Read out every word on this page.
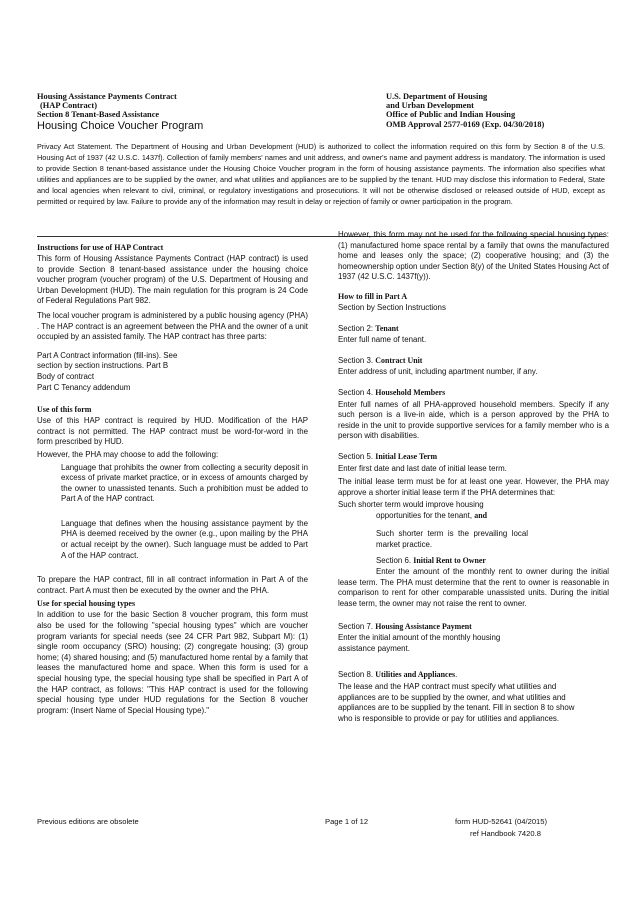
Housing Assistance Payments Contract
(HAP Contract)
Section 8 Tenant-Based Assistance
Housing Choice Voucher Program
U.S. Department of Housing
and Urban Development
Office of Public and Indian Housing
OMB Approval 2577-0169 (Exp. 04/30/2018)
Privacy Act Statement. The Department of Housing and Urban Development (HUD) is authorized to collect the information required on this form by Section 8 of the U.S. Housing Act of 1937 (42 U.S.C. 1437f). Collection of family members' names and unit address, and owner's name and payment address is mandatory. The information is used to provide Section 8 tenant-based assistance under the Housing Choice Voucher program in the form of housing assistance payments. The information also specifies what utilities and appliances are to be supplied by the owner, and what utilities and appliances are to be supplied by the tenant. HUD may disclose this information to Federal, State and local agencies when relevant to civil, criminal, or regulatory investigations and prosecutions. It will not be otherwise disclosed or released outside of HUD, except as permitted or required by law. Failure to provide any of the information may result in delay or rejection of family or owner participation in the program.
Instructions for use of HAP Contract

This form of Housing Assistance Payments Contract (HAP contract) is used to provide Section 8 tenant-based assistance under the housing choice voucher program (voucher program) of the U.S. Department of Housing and Urban Development (HUD). The main regulation for this program is 24 Code of Federal Regulations Part 982.

The local voucher program is administered by a public housing agency (PHA) . The HAP contract is an agreement between the PHA and the owner of a unit occupied by an assisted family. The HAP contract has three parts:

Part A Contract information (fill-ins). See
section by section instructions. Part B
Body of contract
Part C Tenancy addendum
Use of this form

Use of this HAP contract is required by HUD. Modification of the HAP contract is not permitted. The HAP contract must be word-for-word in the form prescribed by HUD.

However, the PHA may choose to add the following:

Language that prohibits the owner from collecting a security deposit in excess of private market practice, or in excess of amounts charged by the owner to unassisted tenants. Such a prohibition must be added to Part A of the HAP contract.

Language that defines when the housing assistance payment by the PHA is deemed received by the owner (e.g., upon mailing by the PHA or actual receipt by the owner). Such language must be added to Part A of the HAP contract.

To prepare the HAP contract, fill in all contract information in Part A of the contract. Part A must then be executed by the owner and the PHA.

Use for special housing types

In addition to use for the basic Section 8 voucher program, this form must also be used for the following "special housing types" which are voucher program variants for special needs (see 24 CFR Part 982, Subpart M): (1) single room occupancy (SRO) housing; (2) congregate housing; (3) group home; (4) shared housing; and (5) manufactured home rental by a family that leases the manufactured home and space. When this form is used for a special housing type, the special housing type shall be specified in Part A of the HAP contract, as follows: "This HAP contract is used for the following special housing type under HUD regulations for the Section 8 voucher program: (Insert Name of Special Housing type)."

However, this form may not be used for the following special housing types: (1) manufactured home space rental by a family that owns the manufactured home and leases only the space; (2) cooperative housing; and (3) the homeownership option under Section 8(y) of the United States Housing Act of 1937 (42 U.S.C. 1437f(y)).

How to fill in Part A

Section by Section Instructions

Section 2: Tenant

Enter full name of tenant.

Section 3. Contract Unit

Enter address of unit, including apartment number, if any.

Section 4. Household Members

Enter full names of all PHA-approved household members. Specify if any such person is a live-in aide, which is a person approved by the PHA to reside in the unit to provide supportive services for a family member who is a person with disabilities.

Section 5. Initial Lease Term

Enter first date and last date of initial lease term.

The initial lease term must be for at least one year. However, the PHA may approve a shorter initial lease term if the PHA determines that:

Such shorter term would improve housing

opportunities for the tenant, and

Such shorter term is the prevailing local market practice.

Section 6. Initial Rent to Owner

Enter the amount of the monthly rent to owner during the initial lease term. The PHA must determine that the rent to owner is reasonable in comparison to rent for other comparable unassisted units. During the initial lease term, the owner may not raise the rent to owner.

Section 7. Housing Assistance Payment

Enter the initial amount of the monthly housing assistance payment.

Section 8. Utilities and Appliances.

The lease and the HAP contract must specify what utilities and appliances are to be supplied by the owner, and what utilities and appliances are to be supplied by the tenant. Fill in section 8 to show who is responsible to provide or pay for utilities and appliances.

Previous editions are obsolete	Page 1 of 12	form HUD-52641 (04/2015)
ref Handbook 7420.8
